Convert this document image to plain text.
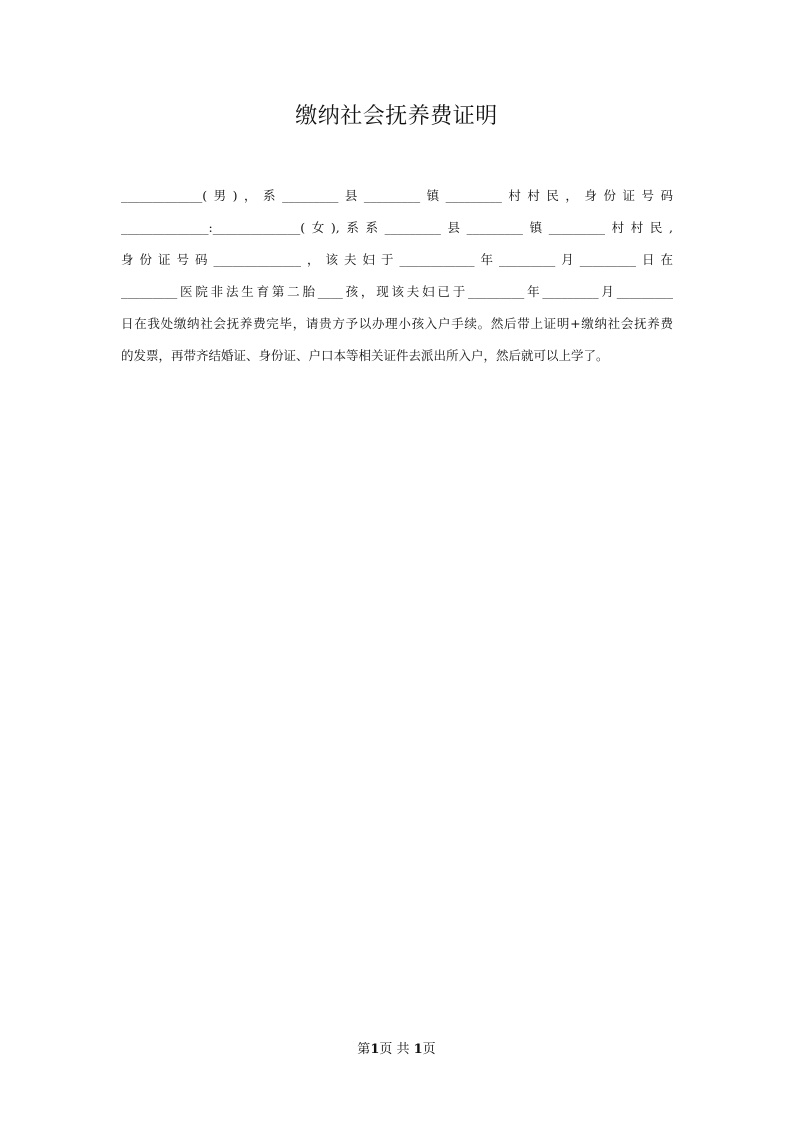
缴纳社会抚养费证明
_____________(男)，系_________县_________镇_________村村民，身份证号码
______________:______________(女),系系_________县_________镇_________村村民,
身份证号码______________，该夫妇于____________年_________月_________日在
_________医院非法生育第二胎____孩，现该夫妇已于_________年_________月_________
日在我处缴纳社会抚养费完毕，请贵方予以办理小孩入户手续。然后带上证明+缴纳社会抚养费
的发票，再带齐结婚证、身份证、户口本等相关证件去派出所入户，然后就可以上学了。
第1页 共 1页
